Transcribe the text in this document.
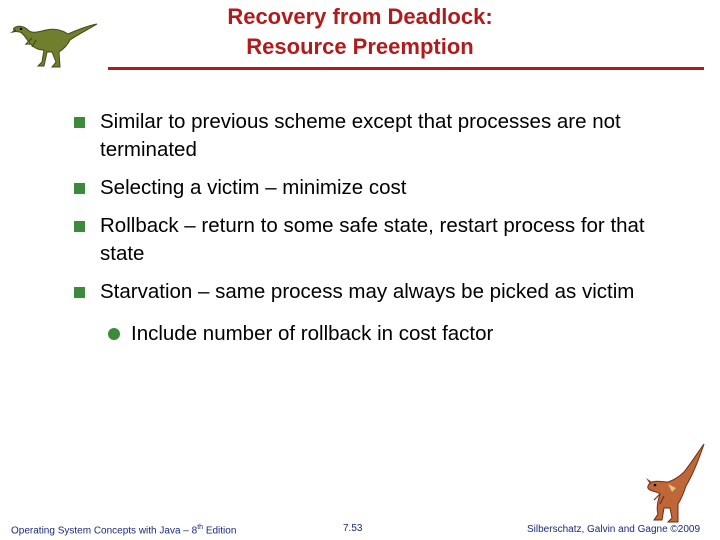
Recovery from Deadlock:
Resource Preemption
Similar to previous scheme except that processes are not terminated
Selecting a victim – minimize cost
Rollback – return to some safe state, restart process for that state
Starvation – same process may always be picked as victim
Include number of rollback in cost factor
Operating System Concepts with Java – 8th Edition	7.53	Silberschatz, Galvin and Gagne ©2009
